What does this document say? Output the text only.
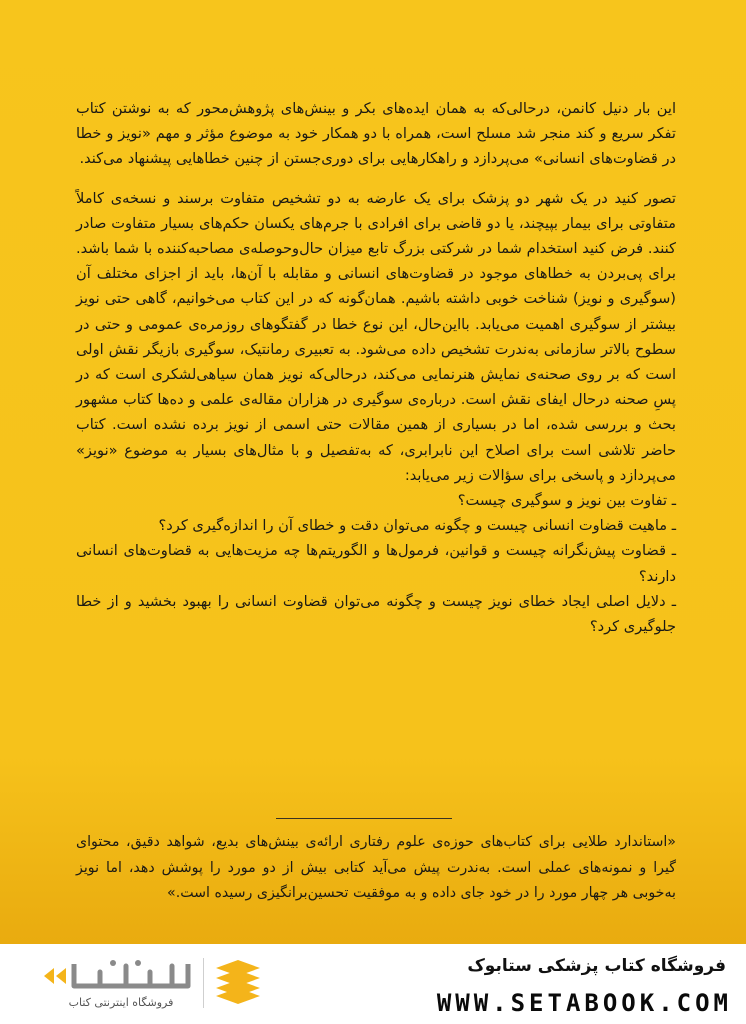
این بار دنیل کانمن، درحالی‌که به همان ایده‌های بکر و بینش‌های پژوهش‌محور که به نوشتن کتاب تفکر سریع و کند منجر شد مسلح است، همراه با دو همکار خود به موضوع مؤثر و مهم «نویز و خطا در قضاوت‌های انسانی» می‌پردازد و راهکارهایی برای دوری‌جستن از چنین خطاهایی پیشنهاد می‌کند.

تصور کنید در یک شهر دو پزشک برای یک عارضه به دو تشخیص متفاوت برسند و نسخه‌ی کاملاً متفاوتی برای بیمار بپیچند، یا دو قاضی برای افرادی با جرم‌های یکسان حکم‌های بسیار متفاوت صادر کنند. فرض کنید استخدام شما در شرکتی بزرگ تابع میزان حال‌وحوصله‌ی مصاحبه‌کننده با شما باشد. برای پی‌بردن به خطاهای موجود در قضاوت‌های انسانی و مقابله با آن‌ها، باید از اجزای مختلف آن (سوگیری و نویز) شناخت خوبی داشته باشیم. همان‌گونه که در این کتاب می‌خوانیم، گاهی حتی نویز بیشتر از سوگیری اهمیت می‌یابد. بااین‌حال، این نوع خطا در گفتگوهای روزمره‌ی عمومی و حتی در سطوح بالاتر سازمانی به‌ندرت تشخیص داده می‌شود. به تعبیری رمانتیک، سوگیری بازیگر نقش اولی است که بر روی صحنه‌ی نمایش هنرنمایی می‌کند، درحالی‌که نویز همان سیاهی‌لشکری است که در پسِ صحنه درحال ایفای نقش است. درباره‌ی سوگیری در هزاران مقاله‌ی علمی و ده‌ها کتاب مشهور بحث و بررسی شده، اما در بسیاری از همین مقالات حتی اسمی از نویز برده نشده است. کتاب حاضر تلاشی است برای اصلاح این نابرابری، که به‌تفصیل و با مثال‌های بسیار به موضوع «نویز» می‌پردازد و پاسخی برای سؤالات زیر می‌یابد:

ـ تفاوت بین نویز و سوگیری چیست؟

ـ ماهیت قضاوت انسانی چیست و چگونه می‌توان دقت و خطای آن را اندازه‌گیری کرد؟

ـ قضاوت پیش‌نگرانه چیست و قوانین، فرمول‌ها و الگوریتم‌ها چه مزیت‌هایی به قضاوت‌های انسانی دارند؟

ـ دلایل اصلی ایجاد خطای نویز چیست و چگونه می‌توان قضاوت انسانی را بهبود بخشید و از خطا جلوگیری کرد؟

«استاندارد طلایی برای کتاب‌های حوزه‌ی علوم رفتاری ارائه‌ی بینش‌های بدیع، شواهد دقیق، محتوای گیرا و نمونه‌های عملی است. به‌ندرت پیش می‌آید کتابی بیش از دو مورد را پوشش دهد، اما نویز به‌خوبی هر چهار مورد را در خود جای داده و به موفقیت تحسین‌برانگیزی رسیده است.»
فروشگاه کتاب پزشکی ستابوک
WWW.SETABOOK.COM
فروشگاه اینترنتی کتاب
